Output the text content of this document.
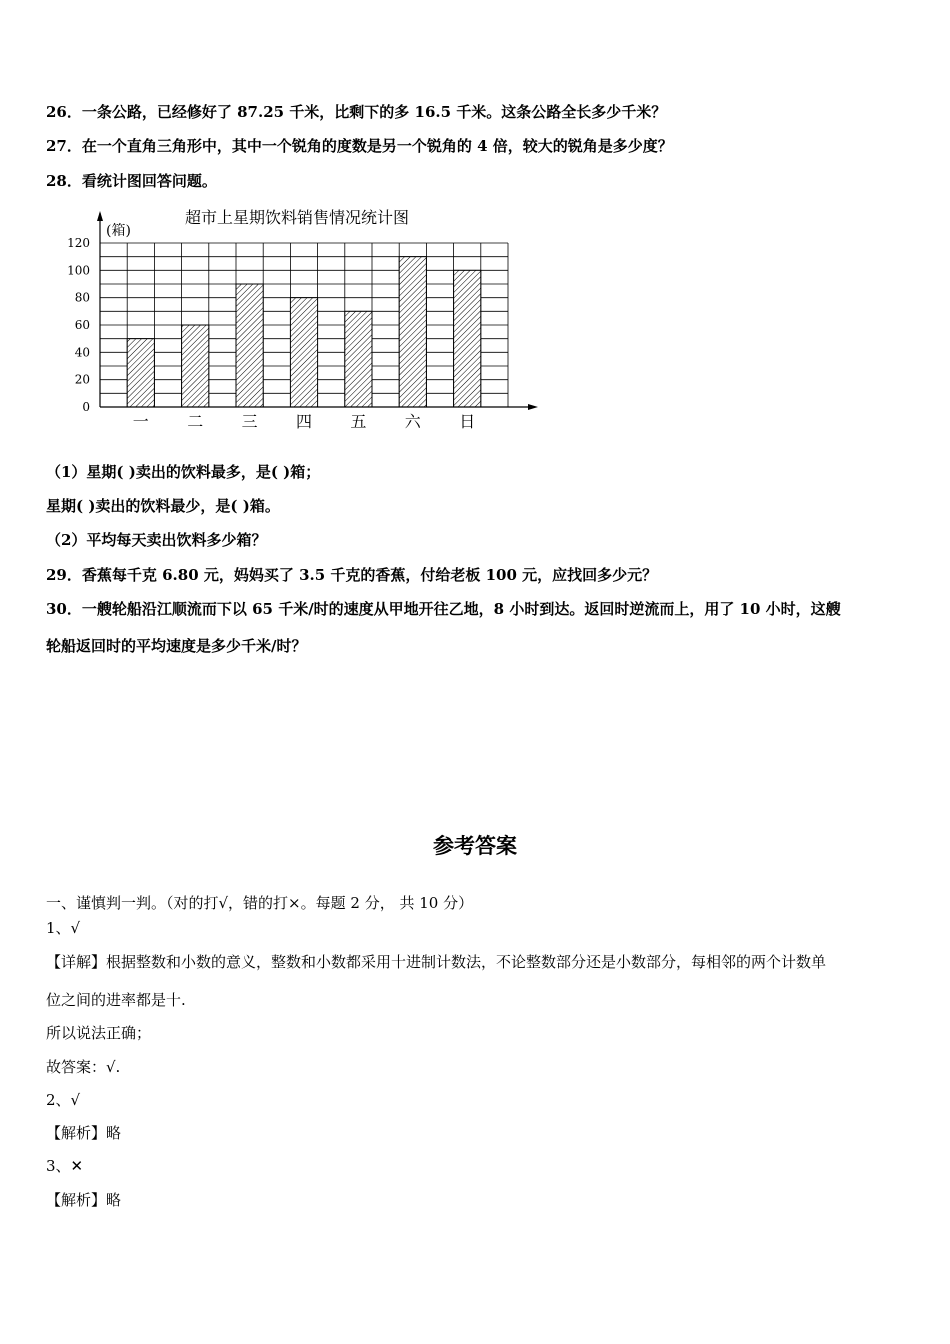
26．一条公路，已经修好了 87.25 千米，比剩下的多 16.5 千米。这条公路全长多少千米？
27．在一个直角三角形中，其中一个锐角的度数是另一个锐角的 4 倍，较大的锐角是多少度？
28．看统计图回答问题。
一 二 三 四 五 六 日
0
20
40
60
80
100
120
超市上星期饮料销售情况统计图
(箱)
（1）星期( )卖出的饮料最多，是( )箱；
星期( )卖出的饮料最少，是( )箱。
（2）平均每天卖出饮料多少箱？
29．香蕉每千克 6.80 元，妈妈买了 3.5 千克的香蕉，付给老板 100 元，应找回多少元？
30．一艘轮船沿江顺流而下以 65 千米/时的速度从甲地开往乙地，8 小时到达。返回时逆流而上，用了 10 小时，这艘
轮船返回时的平均速度是多少千米/时？
参考答案
一、谨慎判一判。（对的打√，错的打×。每题 2 分， 共 10 分）
1、√
【详解】根据整数和小数的意义，整数和小数都采用十进制计数法，不论整数部分还是小数部分，每相邻的两个计数单
位之间的进率都是十.
所以说法正确；
故答案：√.
2、√
【解析】略
3、✕
【解析】略
